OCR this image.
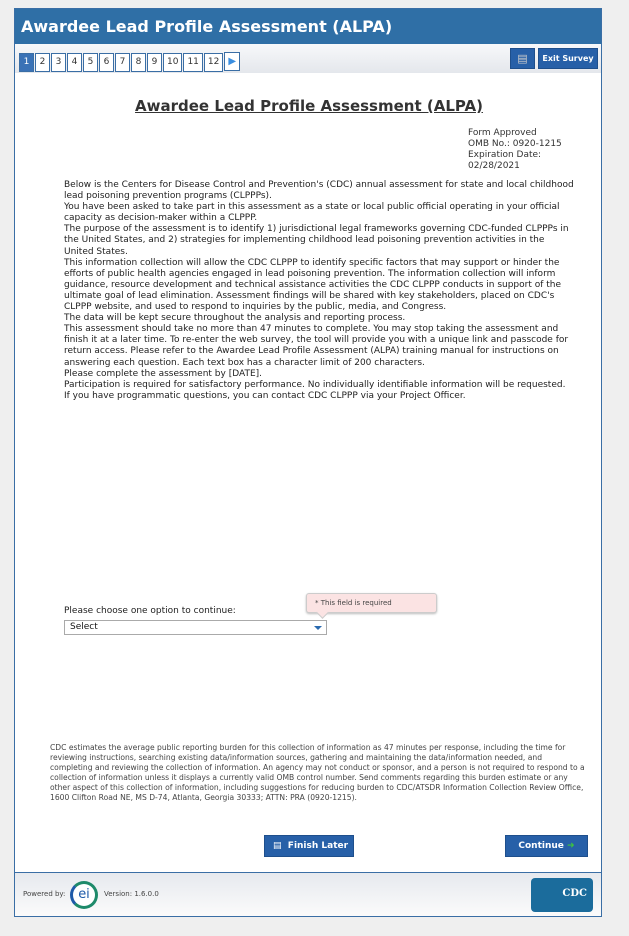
Awardee Lead Profile Assessment (ALPA)
1 2 3 4 5 6 7 8 9 10 11 12 ▶	▤	Exit Survey
Awardee Lead Profile Assessment (ALPA)
Form Approved
OMB No.: 0920-1215
Expiration Date:
02/28/2021
Below is the Centers for Disease Control and Prevention's (CDC) annual assessment for state and local childhood lead poisoning prevention programs (CLPPPs).
You have been asked to take part in this assessment as a state or local public official operating in your official capacity as decision-maker within a CLPPP.
The purpose of the assessment is to identify 1) jurisdictional legal frameworks governing CDC-funded CLPPPs in the United States, and 2) strategies for implementing childhood lead poisoning prevention activities in the United States.
This information collection will allow the CDC CLPPP to identify specific factors that may support or hinder the efforts of public health agencies engaged in lead poisoning prevention. The information collection will inform guidance, resource development and technical assistance activities the CDC CLPPP conducts in support of the ultimate goal of lead elimination. Assessment findings will be shared with key stakeholders, placed on CDC's CLPPP website, and used to respond to inquiries by the public, media, and Congress.
The data will be kept secure throughout the analysis and reporting process.
This assessment should take no more than 47 minutes to complete. You may stop taking the assessment and finish it at a later time. To re-enter the web survey, the tool will provide you with a unique link and passcode for return access. Please refer to the Awardee Lead Profile Assessment (ALPA) training manual for instructions on answering each question. Each text box has a character limit of 200 characters.
Please complete the assessment by [DATE].
Participation is required for satisfactory performance. No individually identifiable information will be requested.
If you have programmatic questions, you can contact CDC CLPPP via your Project Officer.
Please choose one option to continue:
Select
* This field is required
CDC estimates the average public reporting burden for this collection of information as 47 minutes per response, including the time for reviewing instructions, searching existing data/information sources, gathering and maintaining the data/information needed, and completing and reviewing the collection of information. An agency may not conduct or sponsor, and a person is not required to respond to a collection of information unless it displays a currently valid OMB control number. Send comments regarding this burden estimate or any other aspect of this collection of information, including suggestions for reducing burden to CDC/ATSDR Information Collection Review Office, 1600 Clifton Road NE, MS D-74, Atlanta, Georgia 30333; ATTN: PRA (0920-1215).
▤ Finish Later	Continue ➜
Powered by: ei	Version: 1.6.0.0	CDC
